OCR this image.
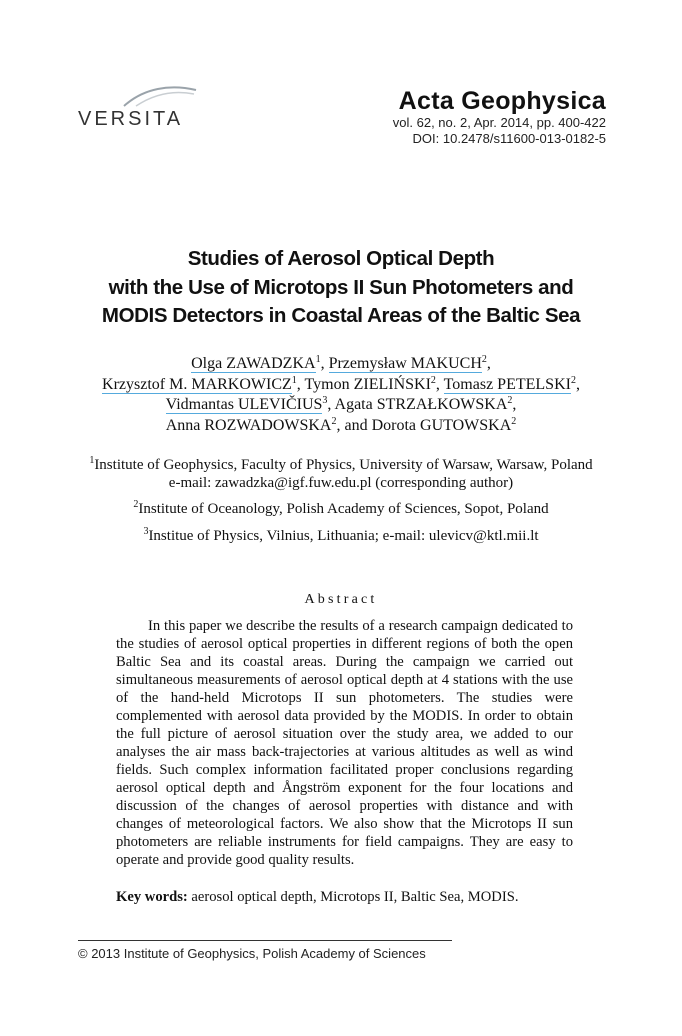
VERSITA
Acta Geophysica
vol. 62, no. 2, Apr. 2014, pp. 400-422
DOI: 10.2478/s11600-013-0182-5
Studies of Aerosol Optical Depth
with the Use of Microtops II Sun Photometers and
MODIS Detectors in Coastal Areas of the Baltic Sea
Olga ZAWADZKA$^1$, Przemysław MAKUCH$^2$,
Krzysztof M. MARKOWICZ$^1$, Tymon ZIELIŃSKI$^2$, Tomasz PETELSKI$^2$,
Vidmantas ULEVIČIUS$^3$, Agata STRZAŁKOWSKA$^2$,
Anna ROZWADOWSKA$^2$, and Dorota GUTOWSKA$^2$
$^1$Institute of Geophysics, Faculty of Physics, University of Warsaw, Warsaw, Poland
e-mail: zawadzka@igf.fuw.edu.pl (corresponding author)
$^2$Institute of Oceanology, Polish Academy of Sciences, Sopot, Poland
$^3$Institue of Physics, Vilnius, Lithuania; e-mail: ulevicv@ktl.mii.lt
Abstract

In this paper we describe the results of a research campaign dedicated to the studies of aerosol optical properties in different regions of both the open Baltic Sea and its coastal areas. During the campaign we carried out simultaneous measurements of aerosol optical depth at 4 stations with the use of the hand-held Microtops II sun photometers. The studies were complemented with aerosol data provided by the MODIS. In order to obtain the full picture of aerosol situation over the study area, we added to our analyses the air mass back-trajectories at various altitudes as well as wind fields. Such complex information facilitated proper conclusions regarding aerosol optical depth and Ångström exponent for the four locations and discussion of the changes of aerosol properties with distance and with changes of meteorological factors. We also show that the Microtops II sun photometers are reliable instruments for field campaigns. They are easy to operate and provide good quality results.

Key words: aerosol optical depth, Microtops II, Baltic Sea, MODIS.
© 2013 Institute of Geophysics, Polish Academy of Sciences
